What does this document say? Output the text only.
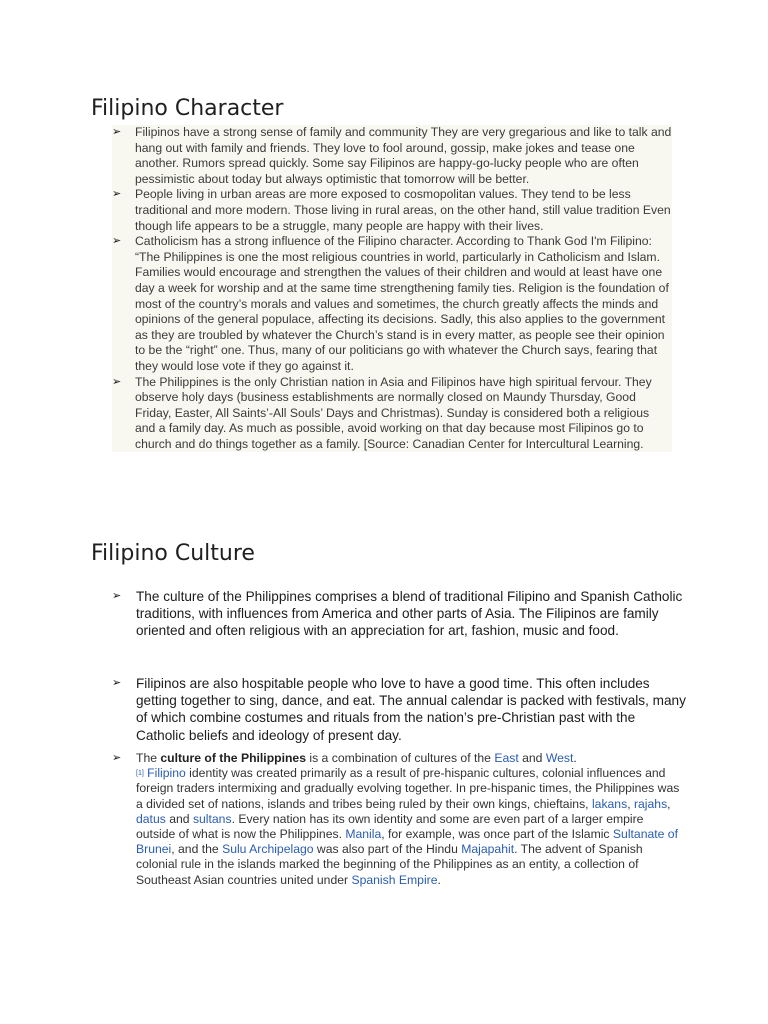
Filipino Character
➢ Filipinos have a strong sense of family and community They are very gregarious and like to talk and hang out with family and friends. They love to fool around, gossip, make jokes and tease one another. Rumors spread quickly. Some say Filipinos are happy-go-lucky people who are often pessimistic about today but always optimistic that tomorrow will be better.
➢ People living in urban areas are more exposed to cosmopolitan values. They tend to be less traditional and more modern. Those living in rural areas, on the other hand, still value tradition Even though life appears to be a struggle, many people are happy with their lives.
➢ Catholicism has a strong influence of the Filipino character. According to Thank God I'm Filipino: “The Philippines is one the most religious countries in world, particularly in Catholicism and Islam. Families would encourage and strengthen the values of their children and would at least have one day a week for worship and at the same time strengthening family ties. Religion is the foundation of most of the country’s morals and values and sometimes, the church greatly affects the minds and opinions of the general populace, affecting its decisions. Sadly, this also applies to the government as they are troubled by whatever the Church’s stand is in every matter, as people see their opinion to be the “right” one. Thus, many of our politicians go with whatever the Church says, fearing that they would lose vote if they go against it.
➢ The Philippines is the only Christian nation in Asia and Filipinos have high spiritual fervour. They observe holy days (business establishments are normally closed on Maundy Thursday, Good Friday, Easter, All Saints’-All Souls’ Days and Christmas). Sunday is considered both a religious and a family day. As much as possible, avoid working on that day because most Filipinos go to church and do things together as a family. [Source: Canadian Center for Intercultural Learning.
Filipino Culture
➢ The culture of the Philippines comprises a blend of traditional Filipino and Spanish Catholic traditions, with influences from America and other parts of Asia. The Filipinos are family oriented and often religious with an appreciation for art, fashion, music and food.
➢ Filipinos are also hospitable people who love to have a good time. This often includes getting together to sing, dance, and eat. The annual calendar is packed with festivals, many of which combine costumes and rituals from the nation’s pre-Christian past with the Catholic beliefs and ideology of present day.
➢ The culture of the Philippines is a combination of cultures of the East and West.
[1] Filipino identity was created primarily as a result of pre-hispanic cultures, colonial influences and foreign traders intermixing and gradually evolving together. In pre-hispanic times, the Philippines was a divided set of nations, islands and tribes being ruled by their own kings, chieftains, lakans, rajahs, datus and sultans. Every nation has its own identity and some are even part of a larger empire outside of what is now the Philippines. Manila, for example, was once part of the Islamic Sultanate of Brunei, and the Sulu Archipelago was also part of the Hindu Majapahit. The advent of Spanish colonial rule in the islands marked the beginning of the Philippines as an entity, a collection of Southeast Asian countries united under Spanish Empire.
